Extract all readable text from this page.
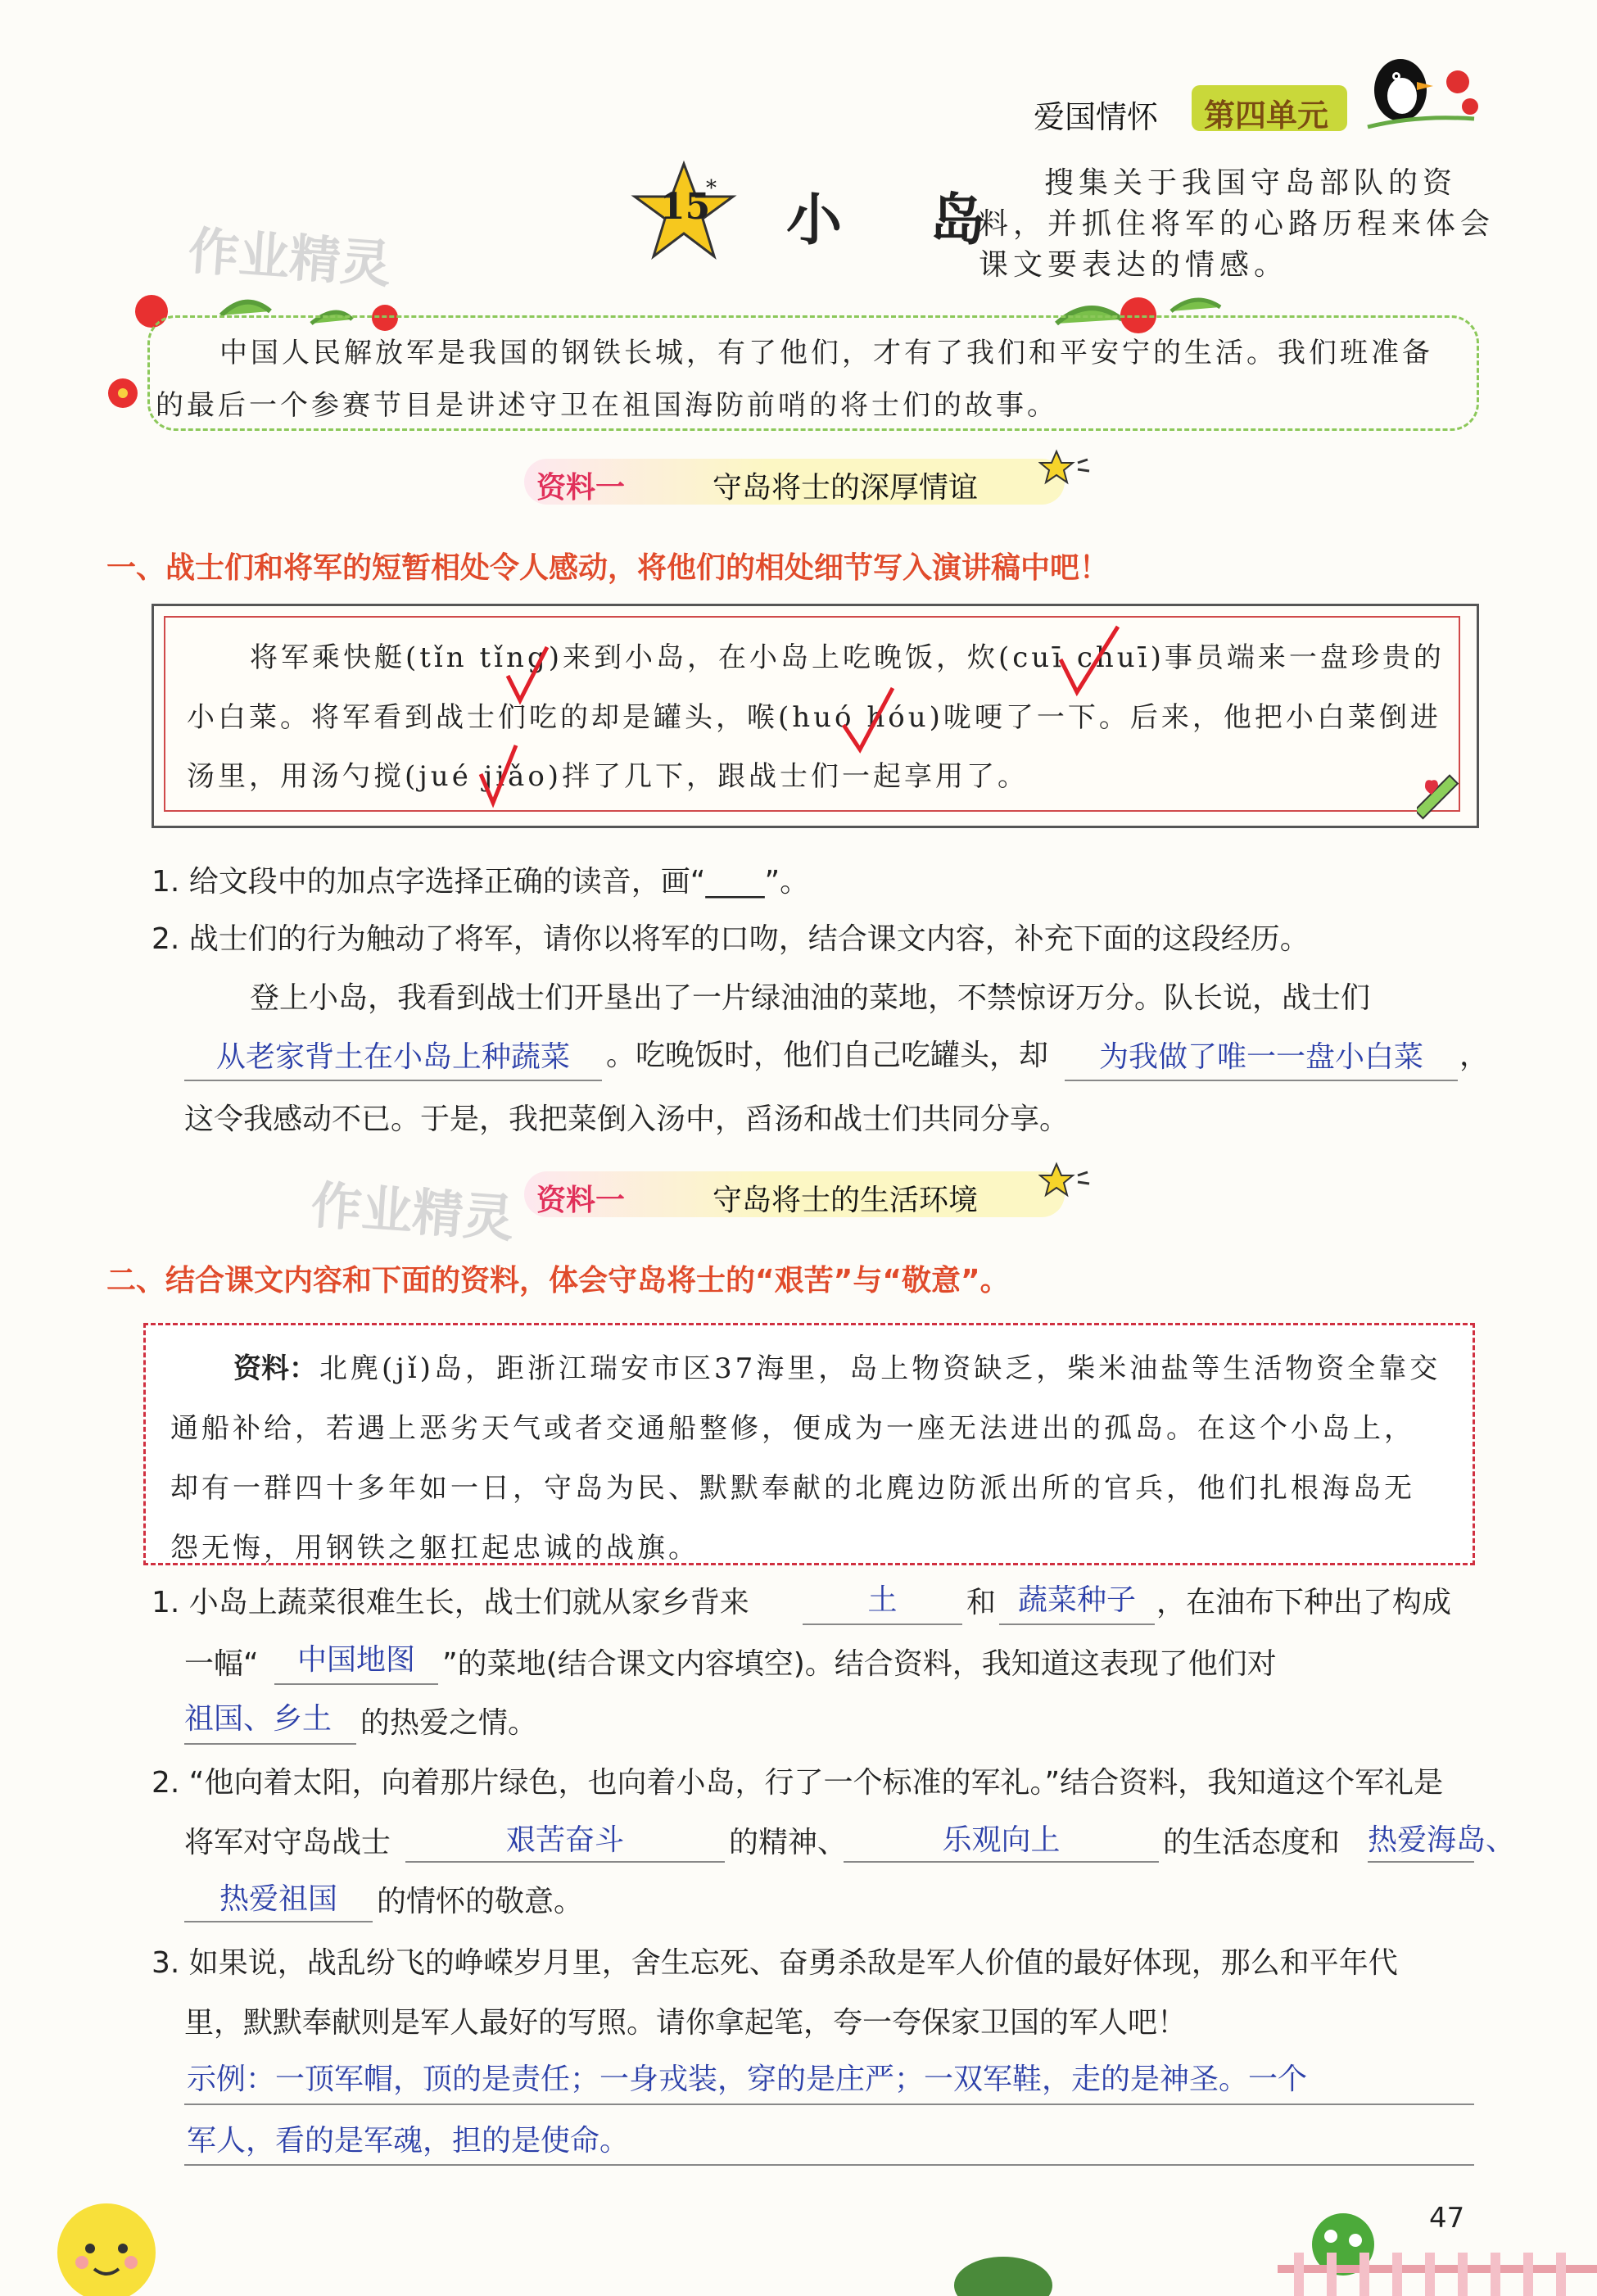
爱国情怀 第四单元
作业精灵
15
* 小  岛
搜集关于我国守岛部队的资
料，并抓住将军的心路历程来体会
课文要表达的情感。
中国人民解放军是我国的钢铁长城，有了他们，才有了我们和平安宁的生活。我们班准备
的最后一个参赛节目是讲述守卫在祖国海防前哨的将士们的故事。
资料一	守岛将士的深厚情谊
一、战士们和将军的短暂相处令人感动，将他们的相处细节写入演讲稿中吧！
将军乘快艇(tǐn tǐng)来到小岛，在小岛上吃晚饭，炊(cuī chuī)事员端来一盘珍贵的
小白菜。将军看到战士们吃的却是罐头，喉(huó hóu)咙哽了一下。后来，他把小白菜倒进
汤里，用汤勺搅(jué jiǎo)拌了几下，跟战士们一起享用了。
1. 给文段中的加点字选择正确的读音，画“____”。
2. 战士们的行为触动了将军，请你以将军的口吻，结合课文内容，补充下面的这段经历。
登上小岛，我看到战士们开垦出了一片绿油油的菜地，不禁惊讶万分。队长说，战士们
从老家背土在小岛上种蔬菜	。吃晚饭时，他们自己吃罐头，却	为我做了唯一一盘小白菜	，
这令我感动不已。于是，我把菜倒入汤中，舀汤和战士们共同分享。
作业精灵 资料一	守岛将士的生活环境
二、结合课文内容和下面的资料，体会守岛将士的“艰苦”与“敬意”。
资料： 北麂(jǐ)岛，距浙江瑞安市区37海里，岛上物资缺乏，柴米油盐等生活物资全靠交
通船补给，若遇上恶劣天气或者交通船整修，便成为一座无法进出的孤岛。在这个小岛上，
却有一群四十多年如一日，守岛为民、默默奉献的北麂边防派出所的官兵，他们扎根海岛无
怨无悔，用钢铁之躯扛起忠诚的战旗。
1. 小岛上蔬菜很难生长，战士们就从家乡背来	土	和 蔬菜种子 ，在油布下种出了构成
一幅“	中国地图 ”的菜地(结合课文内容填空)。结合资料，我知道这表现了他们对
祖国、乡土 的热爱之情。
2. “他向着太阳，向着那片绿色，也向着小岛，行了一个标准的军礼。”结合资料，我知道这个军礼是
将军对守岛战士	艰苦奋斗	的精神、	乐观向上	的生活态度和 热爱海岛、
热爱祖国	的情怀的敬意。
3. 如果说，战乱纷飞的峥嵘岁月里，舍生忘死、奋勇杀敌是军人价值的最好体现，那么和平年代
里，默默奉献则是军人最好的写照。请你拿起笔，夸一夸保家卫国的军人吧！
示例：一顶军帽，顶的是责任；一身戎装，穿的是庄严；一双军鞋，走的是神圣。一个
军人，看的是军魂，担的是使命。
47
